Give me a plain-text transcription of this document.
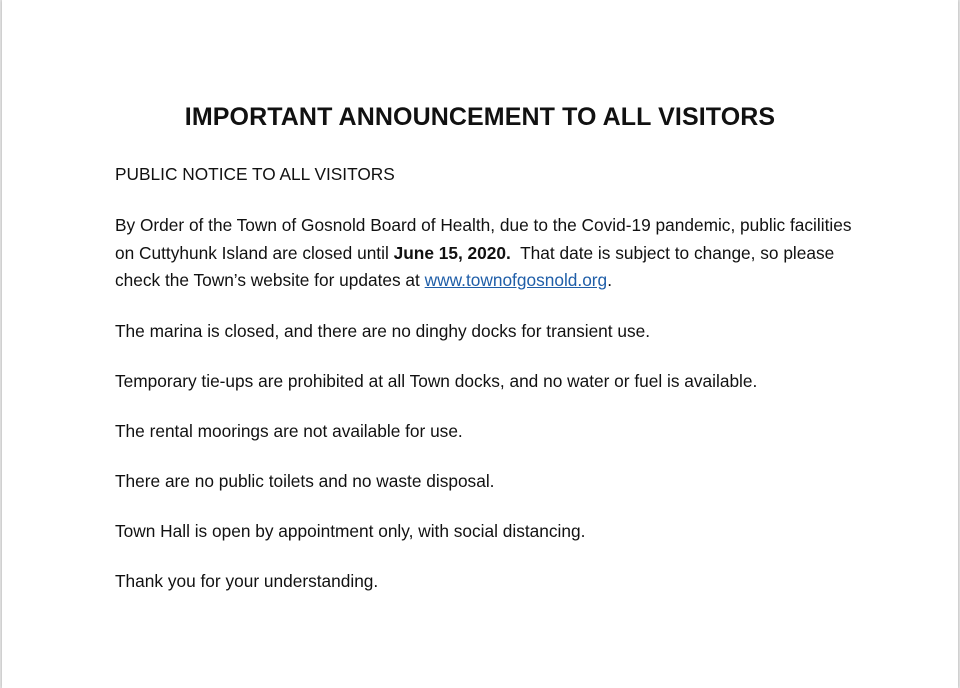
IMPORTANT ANNOUNCEMENT TO ALL VISITORS

PUBLIC NOTICE TO ALL VISITORS

By Order of the Town of Gosnold Board of Health, due to the Covid-19 pandemic, public facilities on Cuttyhunk Island are closed until June 15, 2020.  That date is subject to change, so please check the Town’s website for updates at www.townofgosnold.org.

The marina is closed, and there are no dinghy docks for transient use.

Temporary tie-ups are prohibited at all Town docks, and no water or fuel is available.

The rental moorings are not available for use.

There are no public toilets and no waste disposal.

Town Hall is open by appointment only, with social distancing.

Thank you for your understanding.
